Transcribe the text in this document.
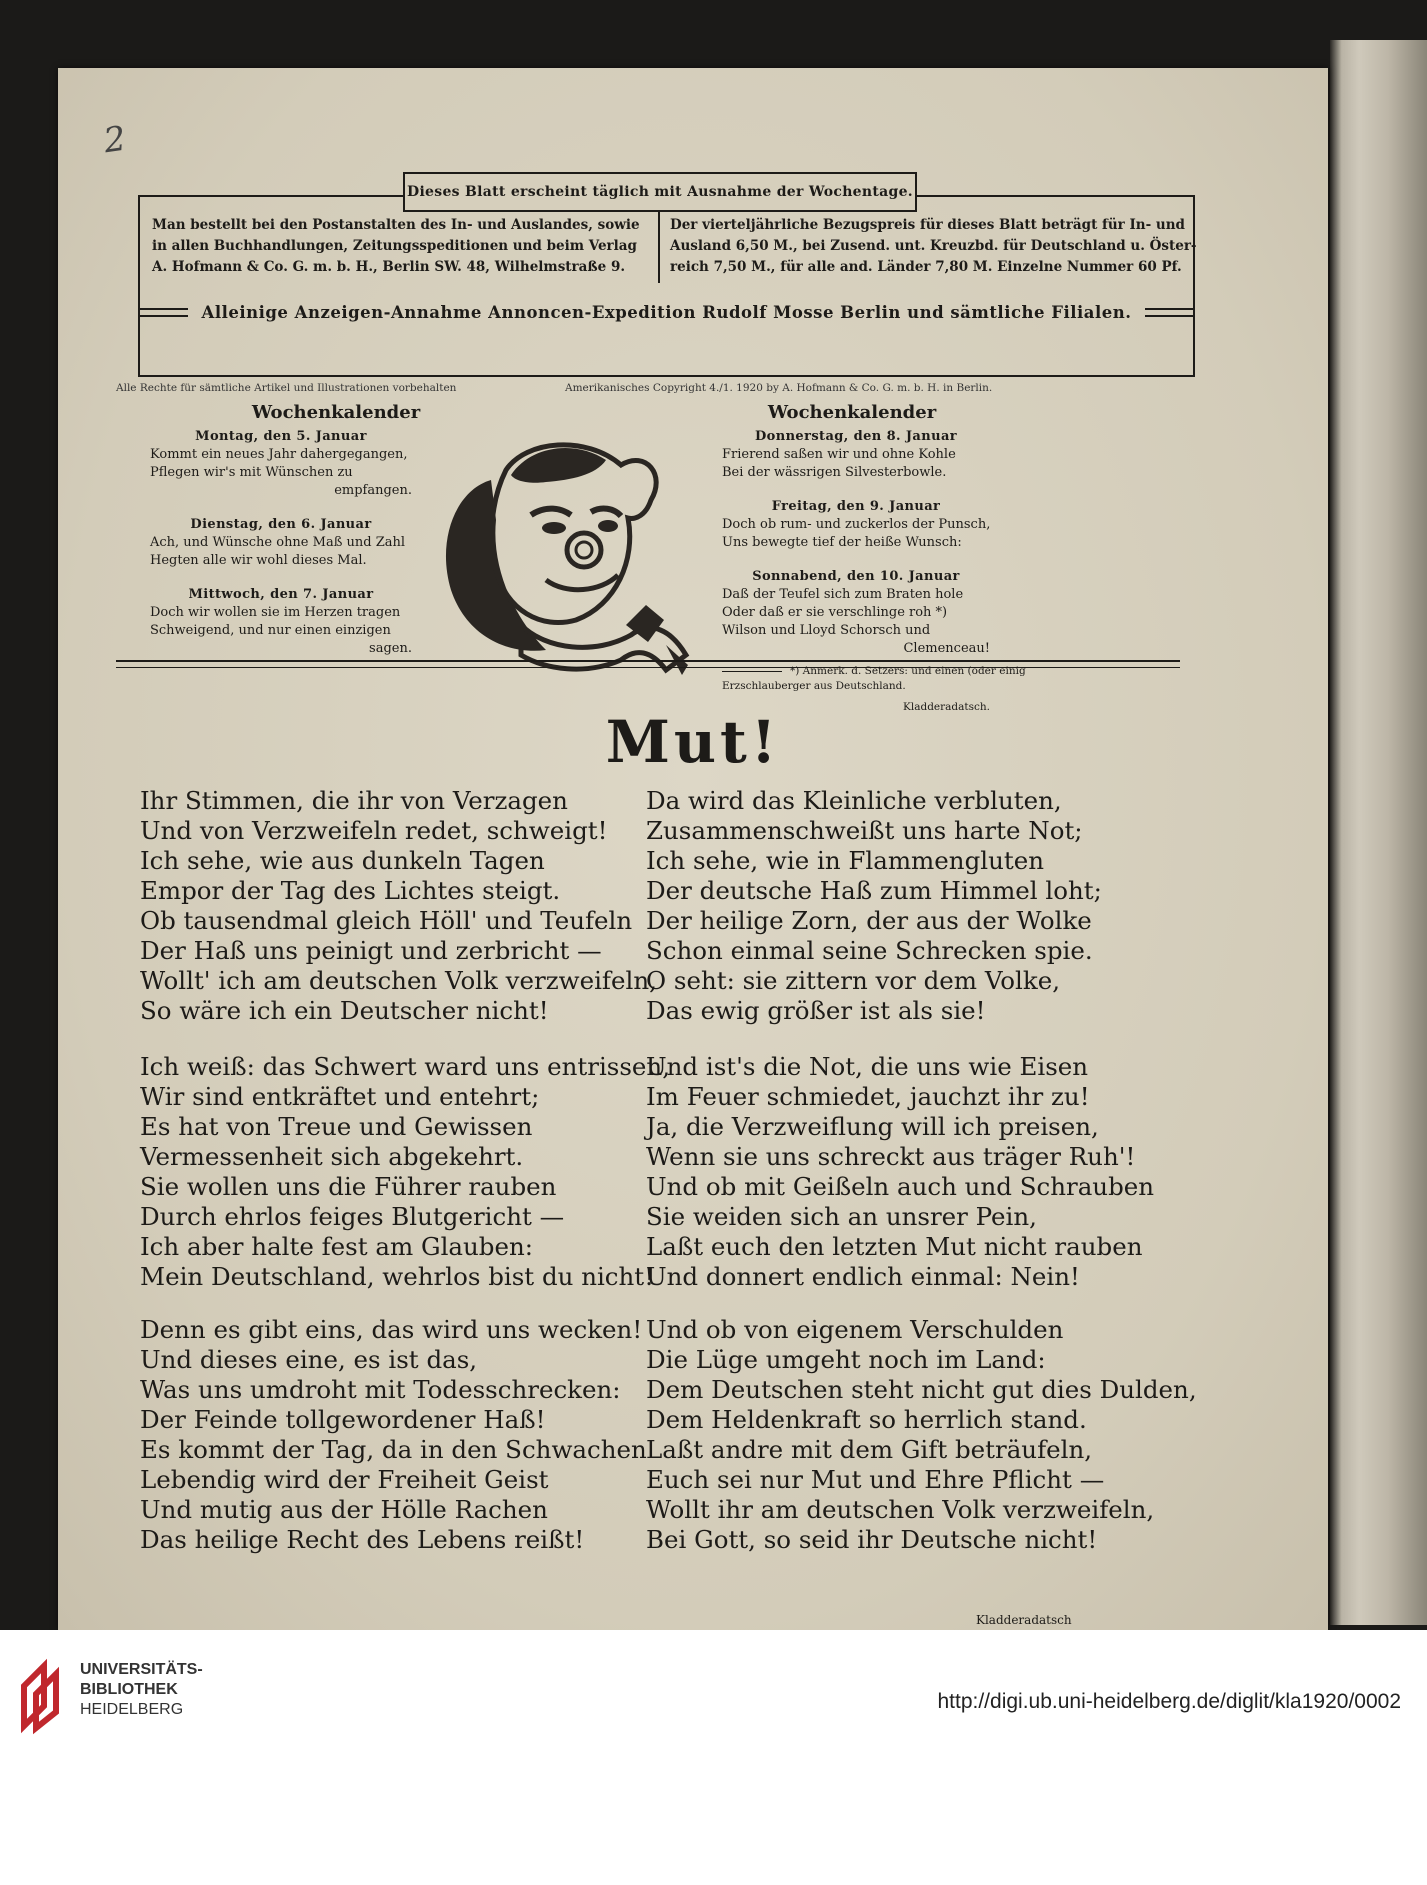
2
Man bestellt bei den Postanstalten des In- und Auslandes, sowie
in allen Buchhandlungen, Zeitungsspeditionen und beim Verlag
A. Hofmann & Co. G. m. b. H., Berlin SW. 48, Wilhelmstraße 9.
Der vierteljährliche Bezugspreis für dieses Blatt beträgt für In- und
Ausland 6,50 M., bei Zusend. unt. Kreuzbd. für Deutschland u. Öster-
reich 7,50 M., für alle and. Länder 7,80 M. Einzelne Nummer 60 Pf.
Alleinige Anzeigen-Annahme Annoncen-Expedition Rudolf Mosse Berlin und sämtliche Filialen.
Dieses Blatt erscheint täglich mit Ausnahme der Wochentage.
Alle Rechte für sämtliche Artikel und Illustrationen vorbehalten	Amerikanisches Copyright 4./1. 1920 by A. Hofmann & Co. G. m. b. H. in Berlin.
Wochenkalender
Montag, den 5. Januar
Kommt ein neues Jahr dahergegangen,
Pflegen wir's mit Wünschen zu
empfangen.
Dienstag, den 6. Januar
Ach, und Wünsche ohne Maß und Zahl
Hegten alle wir wohl dieses Mal.
Mittwoch, den 7. Januar
Doch wir wollen sie im Herzen tragen
Schweigend, und nur einen einzigen
sagen.
Wochenkalender
Donnerstag, den 8. Januar
Frierend saßen wir und ohne Kohle
Bei der wässrigen Silvesterbowle.
Freitag, den 9. Januar
Doch ob rum- und zuckerlos der Punsch,
Uns bewegte tief der heiße Wunsch:
Sonnabend, den 10. Januar
Daß der Teufel sich zum Braten hole
Oder daß er sie verschlinge roh *)
Wilson und Lloyd Schorsch und
Clemenceau!
*) Anmerk. d. Setzers: und einen (oder einig
Erzschlauberger aus Deutschland.
Kladderadatsch.
Mut!
Ihr Stimmen, die ihr von Verzagen
Und von Verzweifeln redet, schweigt!
Ich sehe, wie aus dunkeln Tagen
Empor der Tag des Lichtes steigt.
Ob tausendmal gleich Höll' und Teufeln
Der Haß uns peinigt und zerbricht —
Wollt' ich am deutschen Volk verzweifeln,
So wäre ich ein Deutscher nicht!
Ich weiß: das Schwert ward uns entrissen,
Wir sind entkräftet und entehrt;
Es hat von Treue und Gewissen
Vermessenheit sich abgekehrt.
Sie wollen uns die Führer rauben
Durch ehrlos feiges Blutgericht —
Ich aber halte fest am Glauben:
Mein Deutschland, wehrlos bist du nicht!
Denn es gibt eins, das wird uns wecken!
Und dieses eine, es ist das,
Was uns umdroht mit Todesschrecken:
Der Feinde tollgewordener Haß!
Es kommt der Tag, da in den Schwachen
Lebendig wird der Freiheit Geist
Und mutig aus der Hölle Rachen
Das heilige Recht des Lebens reißt!
Da wird das Kleinliche verbluten,
Zusammenschweißt uns harte Not;
Ich sehe, wie in Flammengluten
Der deutsche Haß zum Himmel loht;
Der heilige Zorn, der aus der Wolke
Schon einmal seine Schrecken spie.
O seht: sie zittern vor dem Volke,
Das ewig größer ist als sie!
Und ist's die Not, die uns wie Eisen
Im Feuer schmiedet, jauchzt ihr zu!
Ja, die Verzweiflung will ich preisen,
Wenn sie uns schreckt aus träger Ruh'!
Und ob mit Geißeln auch und Schrauben
Sie weiden sich an unsrer Pein,
Laßt euch den letzten Mut nicht rauben
Und donnert endlich einmal: Nein!
Und ob von eigenem Verschulden
Die Lüge umgeht noch im Land:
Dem Deutschen steht nicht gut dies Dulden,
Dem Heldenkraft so herrlich stand.
Laßt andre mit dem Gift beträufeln,
Euch sei nur Mut und Ehre Pflicht —
Wollt ihr am deutschen Volk verzweifeln,
Bei Gott, so seid ihr Deutsche nicht!
Kladderadatsch
UNIVERSITÄTS-
BIBLIOTHEK
HEIDELBERG	http://digi.ub.uni-heidelberg.de/diglit/kla1920/0002
